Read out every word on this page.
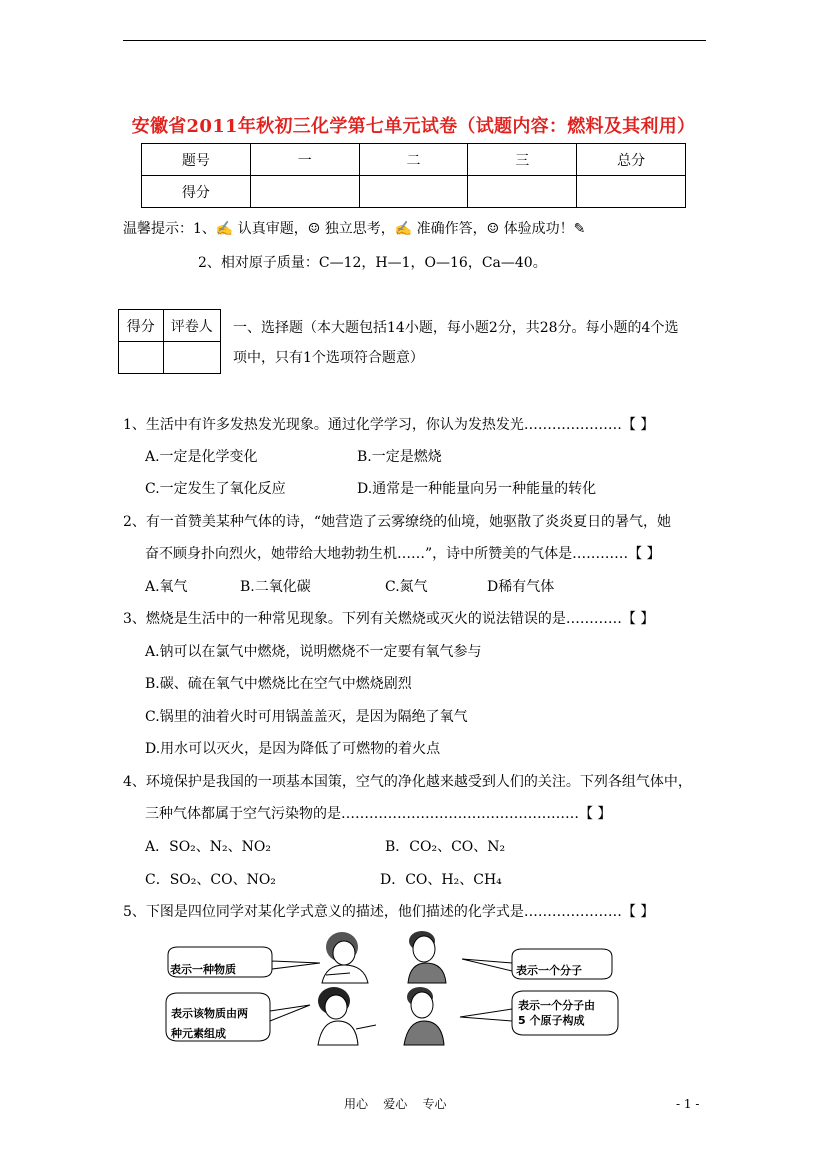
安徽省2011年秋初三化学第七单元试卷（试题内容：燃料及其利用）
题号	一	二	三	总分
得分				
温馨提示：1、✍ 认真审题，☺ 独立思考，✍ 准确作答，☺ 体验成功！✎
2、相对原子质量：C—12，H—1，O—16，Ca—40。
得分	评卷人
	一、选择题（本大题包括14小题，每小题2分，共28分。每小题的4个选
项中，只有1个选项符合题意）
1、生活中有许多发热发光现象。通过化学学习，你认为发热发光…………………【 】
A.一定是化学变化	B.一定是燃烧
C.一定发生了氧化反应	D.通常是一种能量向另一种能量的转化
2、有一首赞美某种气体的诗，“她营造了云雾缭绕的仙境，她驱散了炎炎夏日的暑气，她
奋不顾身扑向烈火，她带给大地勃勃生机……”，诗中所赞美的气体是…………【 】
A.氧气	B.二氧化碳	C.氮气	D稀有气体
3、燃烧是生活中的一种常见现象。下列有关燃烧或灭火的说法错误的是…………【 】
A.钠可以在氯气中燃烧，说明燃烧不一定要有氧气参与
B.碳、硫在氧气中燃烧比在空气中燃烧剧烈
C.锅里的油着火时可用锅盖盖灭，是因为隔绝了氧气
D.用水可以灭火，是因为降低了可燃物的着火点
4、环境保护是我国的一项基本国策，空气的净化越来越受到人们的关注。下列各组气体中，
三种气体都属于空气污染物的是……………………………………………【 】
A．SO₂、N₂、NO₂	B．CO₂、CO、N₂
C．SO₂、CO、NO₂	D．CO、H₂、CH₄
5、下图是四位同学对某化学式意义的描述，他们描述的化学式是…………………【 】
表示一种物质	表示一个分子
表示该物质由两
种元素组成
表示一个分子由
5 个原子构成
用心    爱心    专心	- 1 -
